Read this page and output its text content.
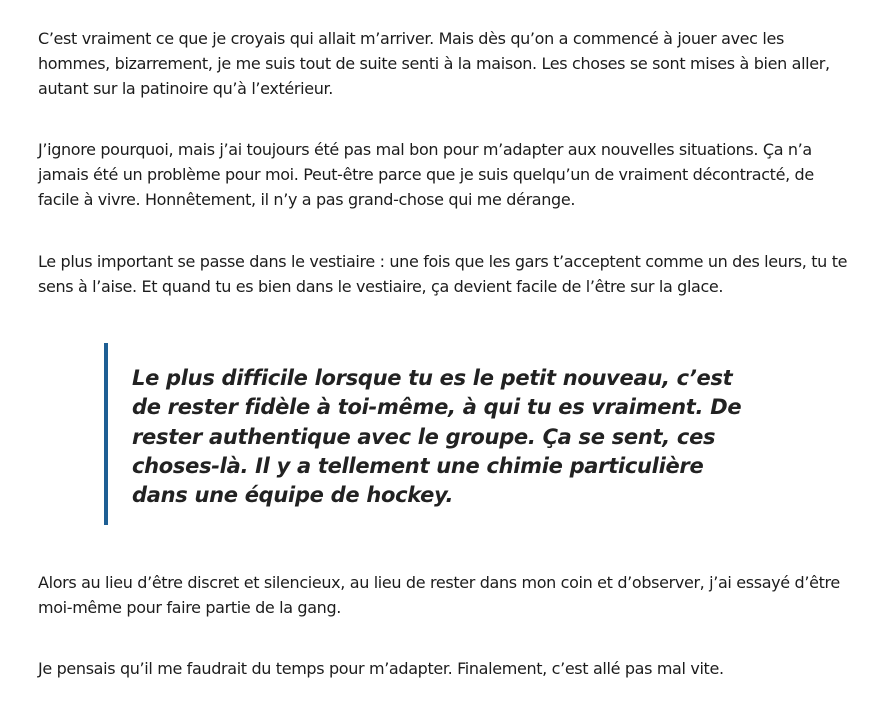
C’est vraiment ce que je croyais qui allait m’arriver. Mais dès qu’on a commencé à jouer avec les hommes, bizarrement, je me suis tout de suite senti à la maison. Les choses se sont mises à bien aller, autant sur la patinoire qu’à l’extérieur.

J’ignore pourquoi, mais j’ai toujours été pas mal bon pour m’adapter aux nouvelles situations. Ça n’a jamais été un problème pour moi. Peut-être parce que je suis quelqu’un de vraiment décontracté, de facile à vivre. Honnêtement, il n’y a pas grand-chose qui me dérange.

Le plus important se passe dans le vestiaire : une fois que les gars t’acceptent comme un des leurs, tu te sens à l’aise. Et quand tu es bien dans le vestiaire, ça devient facile de l’être sur la glace.

Le plus difficile lorsque tu es le petit nouveau, c’est de rester fidèle à toi-même, à qui tu es vraiment. De rester authentique avec le groupe. Ça se sent, ces choses-là. Il y a tellement une chimie particulière dans une équipe de hockey.

Alors au lieu d’être discret et silencieux, au lieu de rester dans mon coin et d’observer, j’ai essayé d’être moi-même pour faire partie de la gang.

Je pensais qu’il me faudrait du temps pour m’adapter. Finalement, c’est allé pas mal vite.
